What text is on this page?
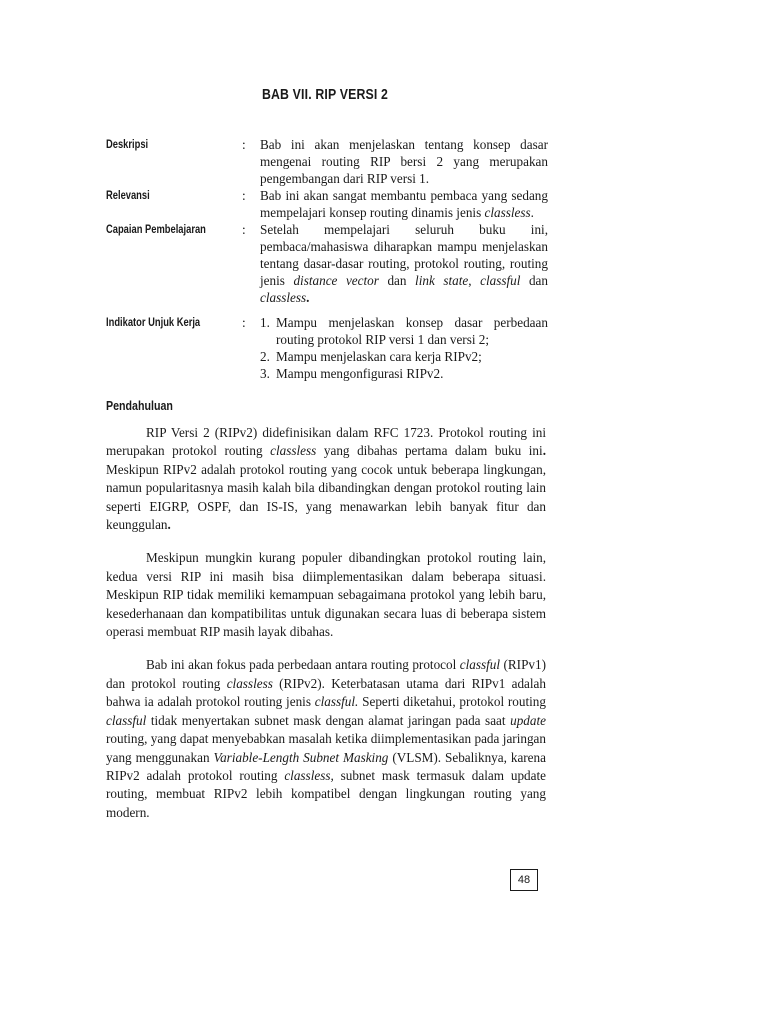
BAB VII. RIP VERSI 2
Deskripsi	:	Bab ini akan menjelaskan tentang konsep dasar mengenai routing RIP bersi 2 yang merupakan pengembangan dari RIP versi 1.

Relevansi	:	Bab ini akan sangat membantu pembaca yang sedang mempelajari konsep routing dinamis jenis classless.

Capaian Pembelajaran	:	Setelah mempelajari seluruh buku ini, pembaca/mahasiswa diharapkan mampu menjelaskan tentang dasar-dasar routing, protokol routing, routing jenis distance vector dan link state, classful dan classless.

Indikator Unjuk Kerja	:	1. Mampu menjelaskan konsep dasar perbedaan routing protokol RIP versi 1 dan versi 2;
2. Mampu menjelaskan cara kerja RIPv2;
3. Mampu mengonfigurasi RIPv2.
Pendahuluan

RIP Versi 2 (RIPv2) didefinisikan dalam RFC 1723. Protokol routing ini merupakan protokol routing classless yang dibahas pertama dalam buku ini. Meskipun RIPv2 adalah protokol routing yang cocok untuk beberapa lingkungan, namun popularitasnya masih kalah bila dibandingkan dengan protokol routing lain seperti EIGRP, OSPF, dan IS-IS, yang menawarkan lebih banyak fitur dan keunggulan.

Meskipun mungkin kurang populer dibandingkan protokol routing lain, kedua versi RIP ini masih bisa diimplementasikan dalam beberapa situasi. Meskipun RIP tidak memiliki kemampuan sebagaimana protokol yang lebih baru, kesederhanaan dan kompatibilitas untuk digunakan secara luas di beberapa sistem operasi membuat RIP masih layak dibahas.

Bab ini akan fokus pada perbedaan antara routing protocol classful (RIPv1) dan protokol routing classless (RIPv2). Keterbatasan utama dari RIPv1 adalah bahwa ia adalah protokol routing jenis classful. Seperti diketahui, protokol routing classful tidak menyertakan subnet mask dengan alamat jaringan pada saat update routing, yang dapat menyebabkan masalah ketika diimplementasikan pada jaringan yang menggunakan Variable-Length Subnet Masking (VLSM). Sebaliknya, karena RIPv2 adalah protokol routing classless, subnet mask termasuk dalam update routing, membuat RIPv2 lebih kompatibel dengan lingkungan routing yang modern.

48
